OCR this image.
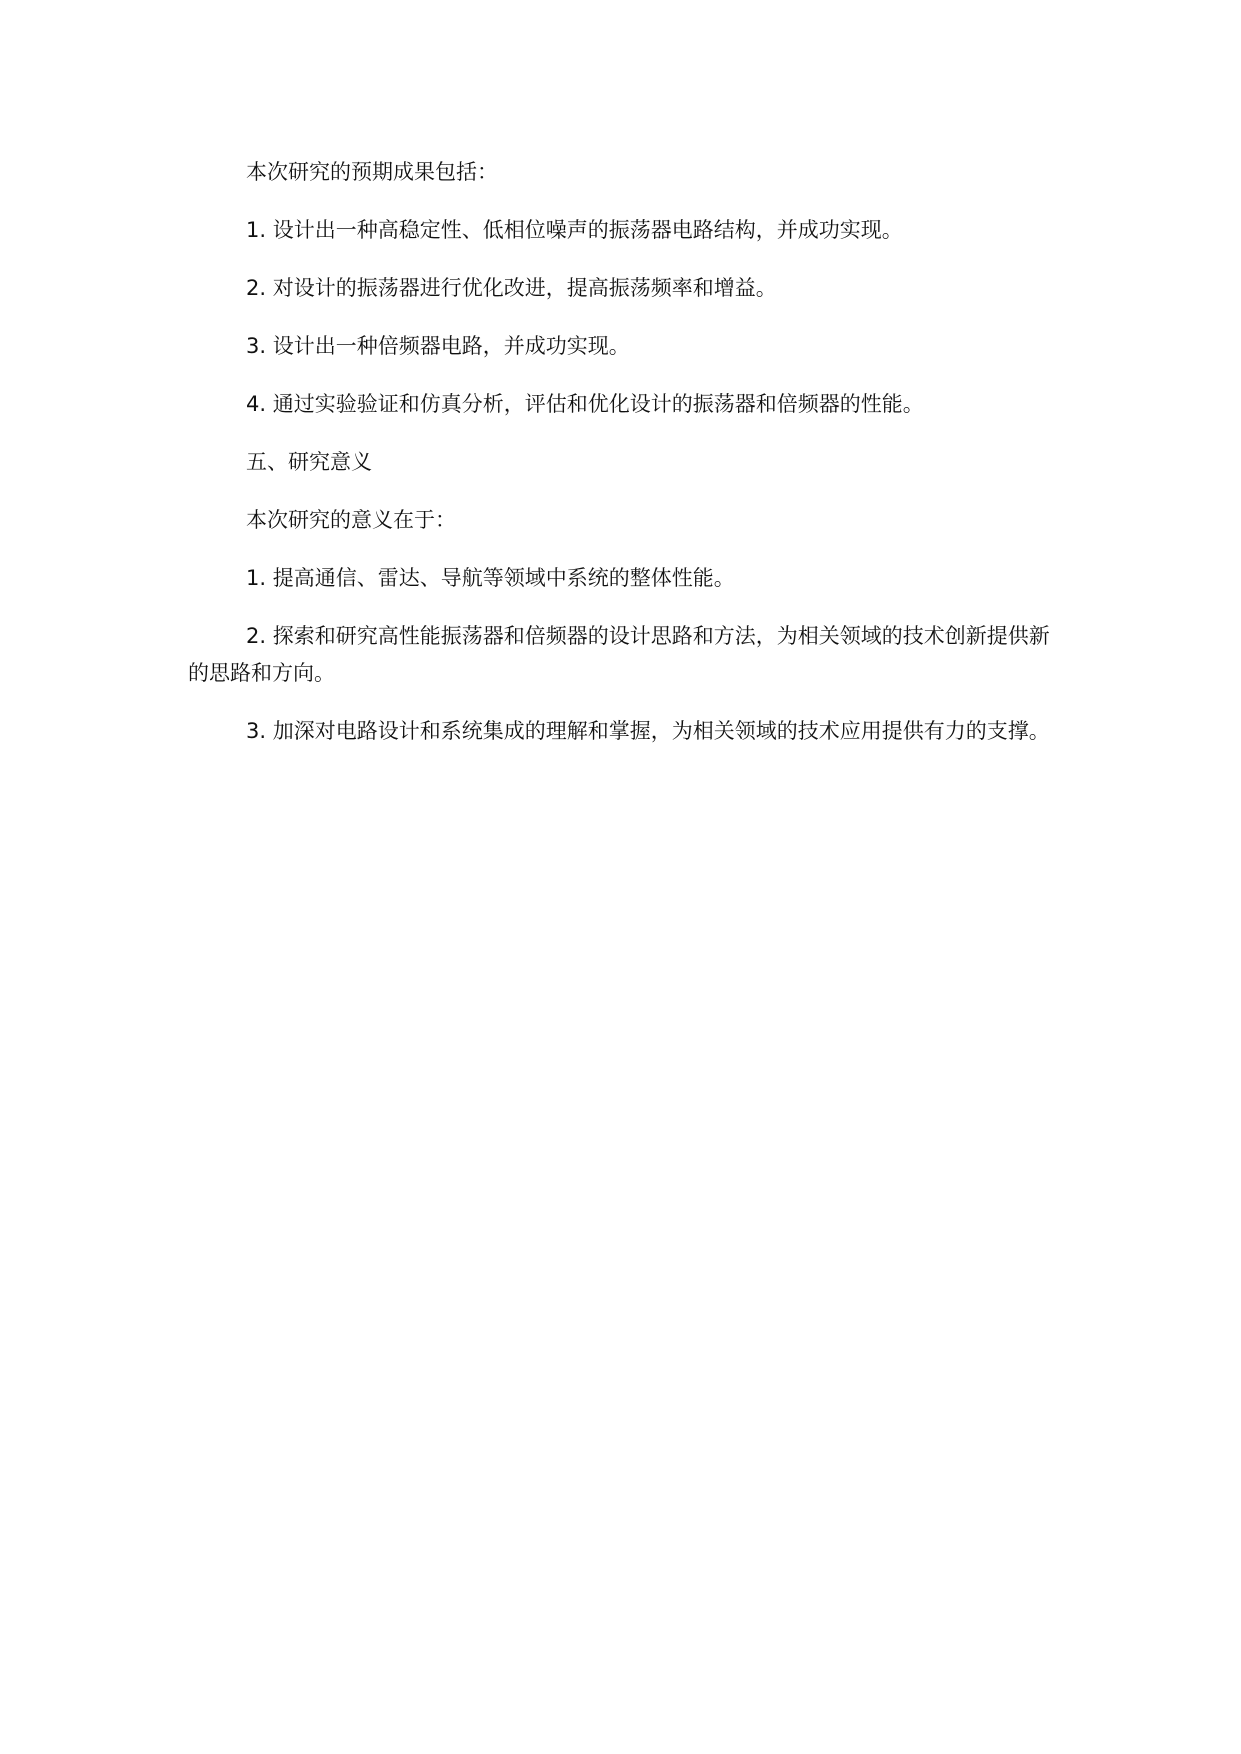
本次研究的预期成果包括：

1. 设计出一种高稳定性、低相位噪声的振荡器电路结构，并成功实现。

2. 对设计的振荡器进行优化改进，提高振荡频率和增益。

3. 设计出一种倍频器电路，并成功实现。

4. 通过实验验证和仿真分析，评估和优化设计的振荡器和倍频器的性能。

五、研究意义

本次研究的意义在于：

1. 提高通信、雷达、导航等领域中系统的整体性能。

2. 探索和研究高性能振荡器和倍频器的设计思路和方法，为相关领域的技术创新提供新的思路和方向。

3. 加深对电路设计和系统集成的理解和掌握，为相关领域的技术应用提供有力的支撑。
